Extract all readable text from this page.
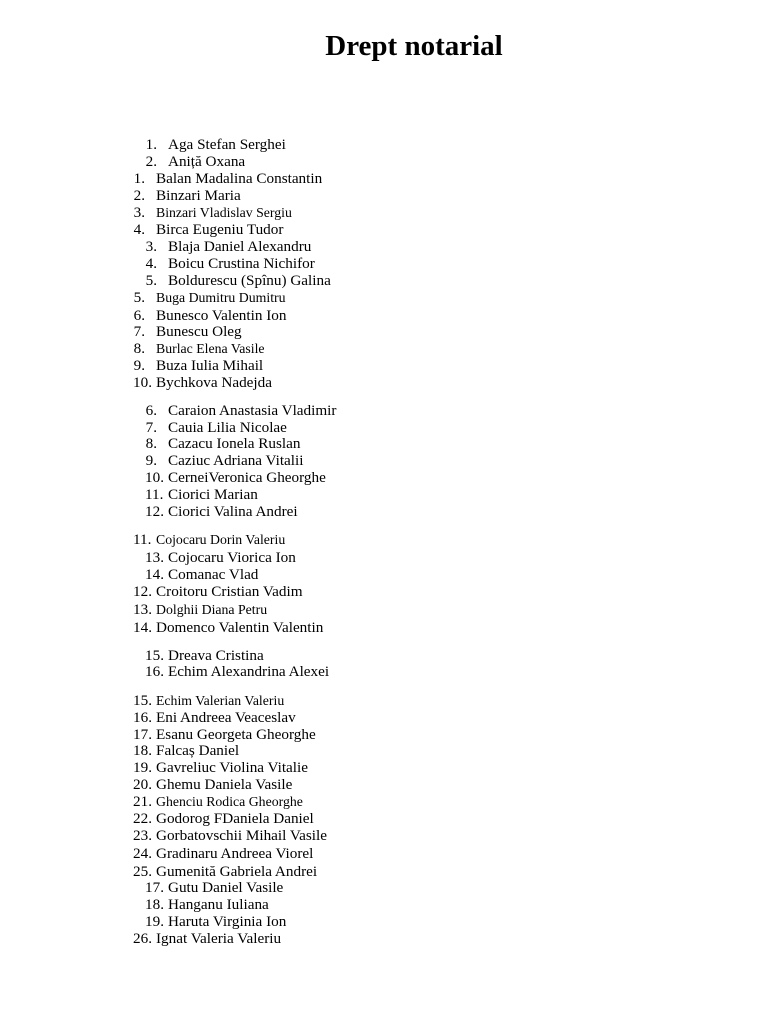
Drept notarial
1. Aga Stefan Serghei
2. Aniță Oxana
1. Balan Madalina Constantin
2. Binzari Maria
3. Binzari Vladislav Sergiu
4. Birca Eugeniu Tudor
3. Blaja Daniel Alexandru
4. Boicu Crustina Nichifor
5. Boldurescu (Spînu) Galina
5. Buga Dumitru Dumitru
6. Bunesco Valentin Ion
7. Bunescu Oleg
8. Burlac Elena Vasile
9. Buza Iulia Mihail
10. Bychkova Nadejda
6. Caraion Anastasia Vladimir
7. Cauia Lilia Nicolae
8. Cazacu Ionela Ruslan
9. Caziuc Adriana Vitalii
10. CerneiVeronica Gheorghe
11. Ciorici Marian
12. Ciorici Valina Andrei
11. Cojocaru Dorin Valeriu
13. Cojocaru Viorica Ion
14. Comanac Vlad
12. Croitoru Cristian Vadim
13. Dolghii Diana Petru
14. Domenco Valentin Valentin
15. Dreava Cristina
16. Echim Alexandrina Alexei
15. Echim Valerian Valeriu
16. Eni Andreea Veaceslav
17. Esanu Georgeta Gheorghe
18. Falcaș Daniel
19. Gavreliuc Violina Vitalie
20. Ghemu Daniela Vasile
21. Ghenciu Rodica Gheorghe
22. Godorog FDaniela Daniel
23. Gorbatovschii Mihail Vasile
24. Gradinaru Andreea Viorel
25. Gumenită Gabriela Andrei
17. Gutu Daniel Vasile
18. Hanganu Iuliana
19. Haruta Virginia Ion
26. Ignat Valeria Valeriu
